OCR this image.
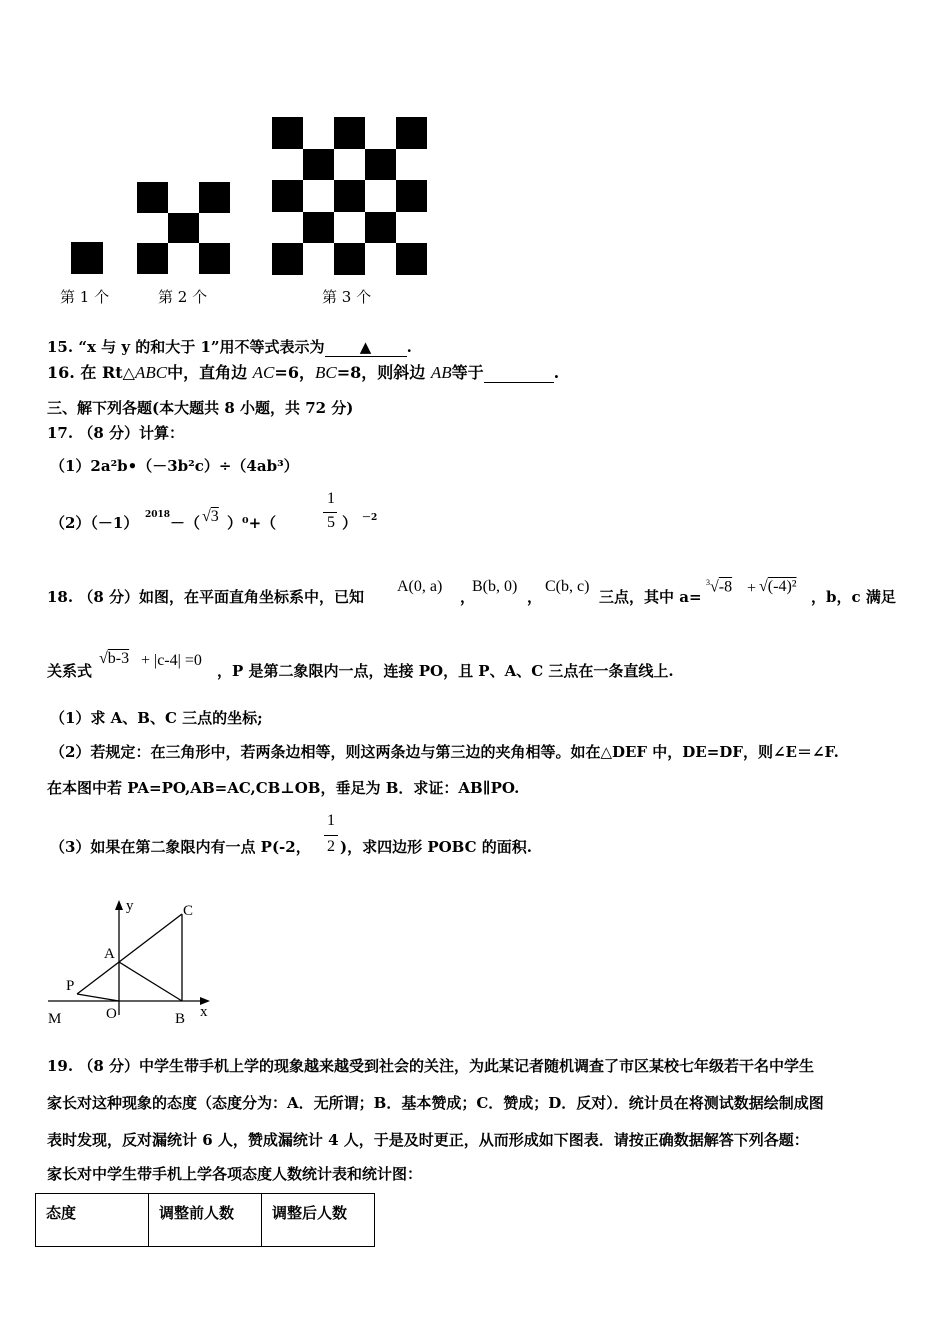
第 1 个	第 2 个	第 3 个
15. “x 与 y 的和大于 1”用不等式表示为 ▲ .
16. 在 Rt△ABC中，直角边 AC=6，BC=8，则斜边 AB等于	.
三、解下列各题(本大题共 8 小题，共 72 分)
17. （8 分）计算：
（1）2a²b•（－3b²c）÷（4ab³）
（2）（－1） 2018 －（ √3 ）⁰+（
1
5 ） －2
18. （8 分）如图，在平面直角坐标系中，已知
A(0, a)
，
B(b, 0)
，
C(b, c)
三点，其中 a=
$^3$√-8 + √(-4)²
，b，c 满足
关系式
√b-3 + |c-4| =0
，P 是第二象限内一点，连接 PO，且 P、A、C 三点在一条直线上.
（1）求 A、B、C 三点的坐标;
（2）若规定：在三角形中，若两条边相等，则这两条边与第三边的夹角相等。如在△DEF 中，DE=DF，则∠E＝∠F.
在本图中若 PA=PO,AB=AC,CB⊥OB，垂足为 B．求证：AB∥PO.
（3）如果在第二象限内有一点 P(-2，
1
2 )，求四边形 POBC 的面积.
y	C
A
P
M	O	B x
19. （8 分）中学生带手机上学的现象越来越受到社会的关注，为此某记者随机调查了市区某校七年级若干名中学生
家长对这种现象的态度（态度分为：A．无所谓；B．基本赞成；C．赞成；D．反对）．统计员在将测试数据绘制成图
表时发现，反对漏统计 6 人，赞成漏统计 4 人，于是及时更正，从而形成如下图表．请按正确数据解答下列各题：
家长对中学生带手机上学各项态度人数统计表和统计图：
态度	调整前人数	调整后人数
